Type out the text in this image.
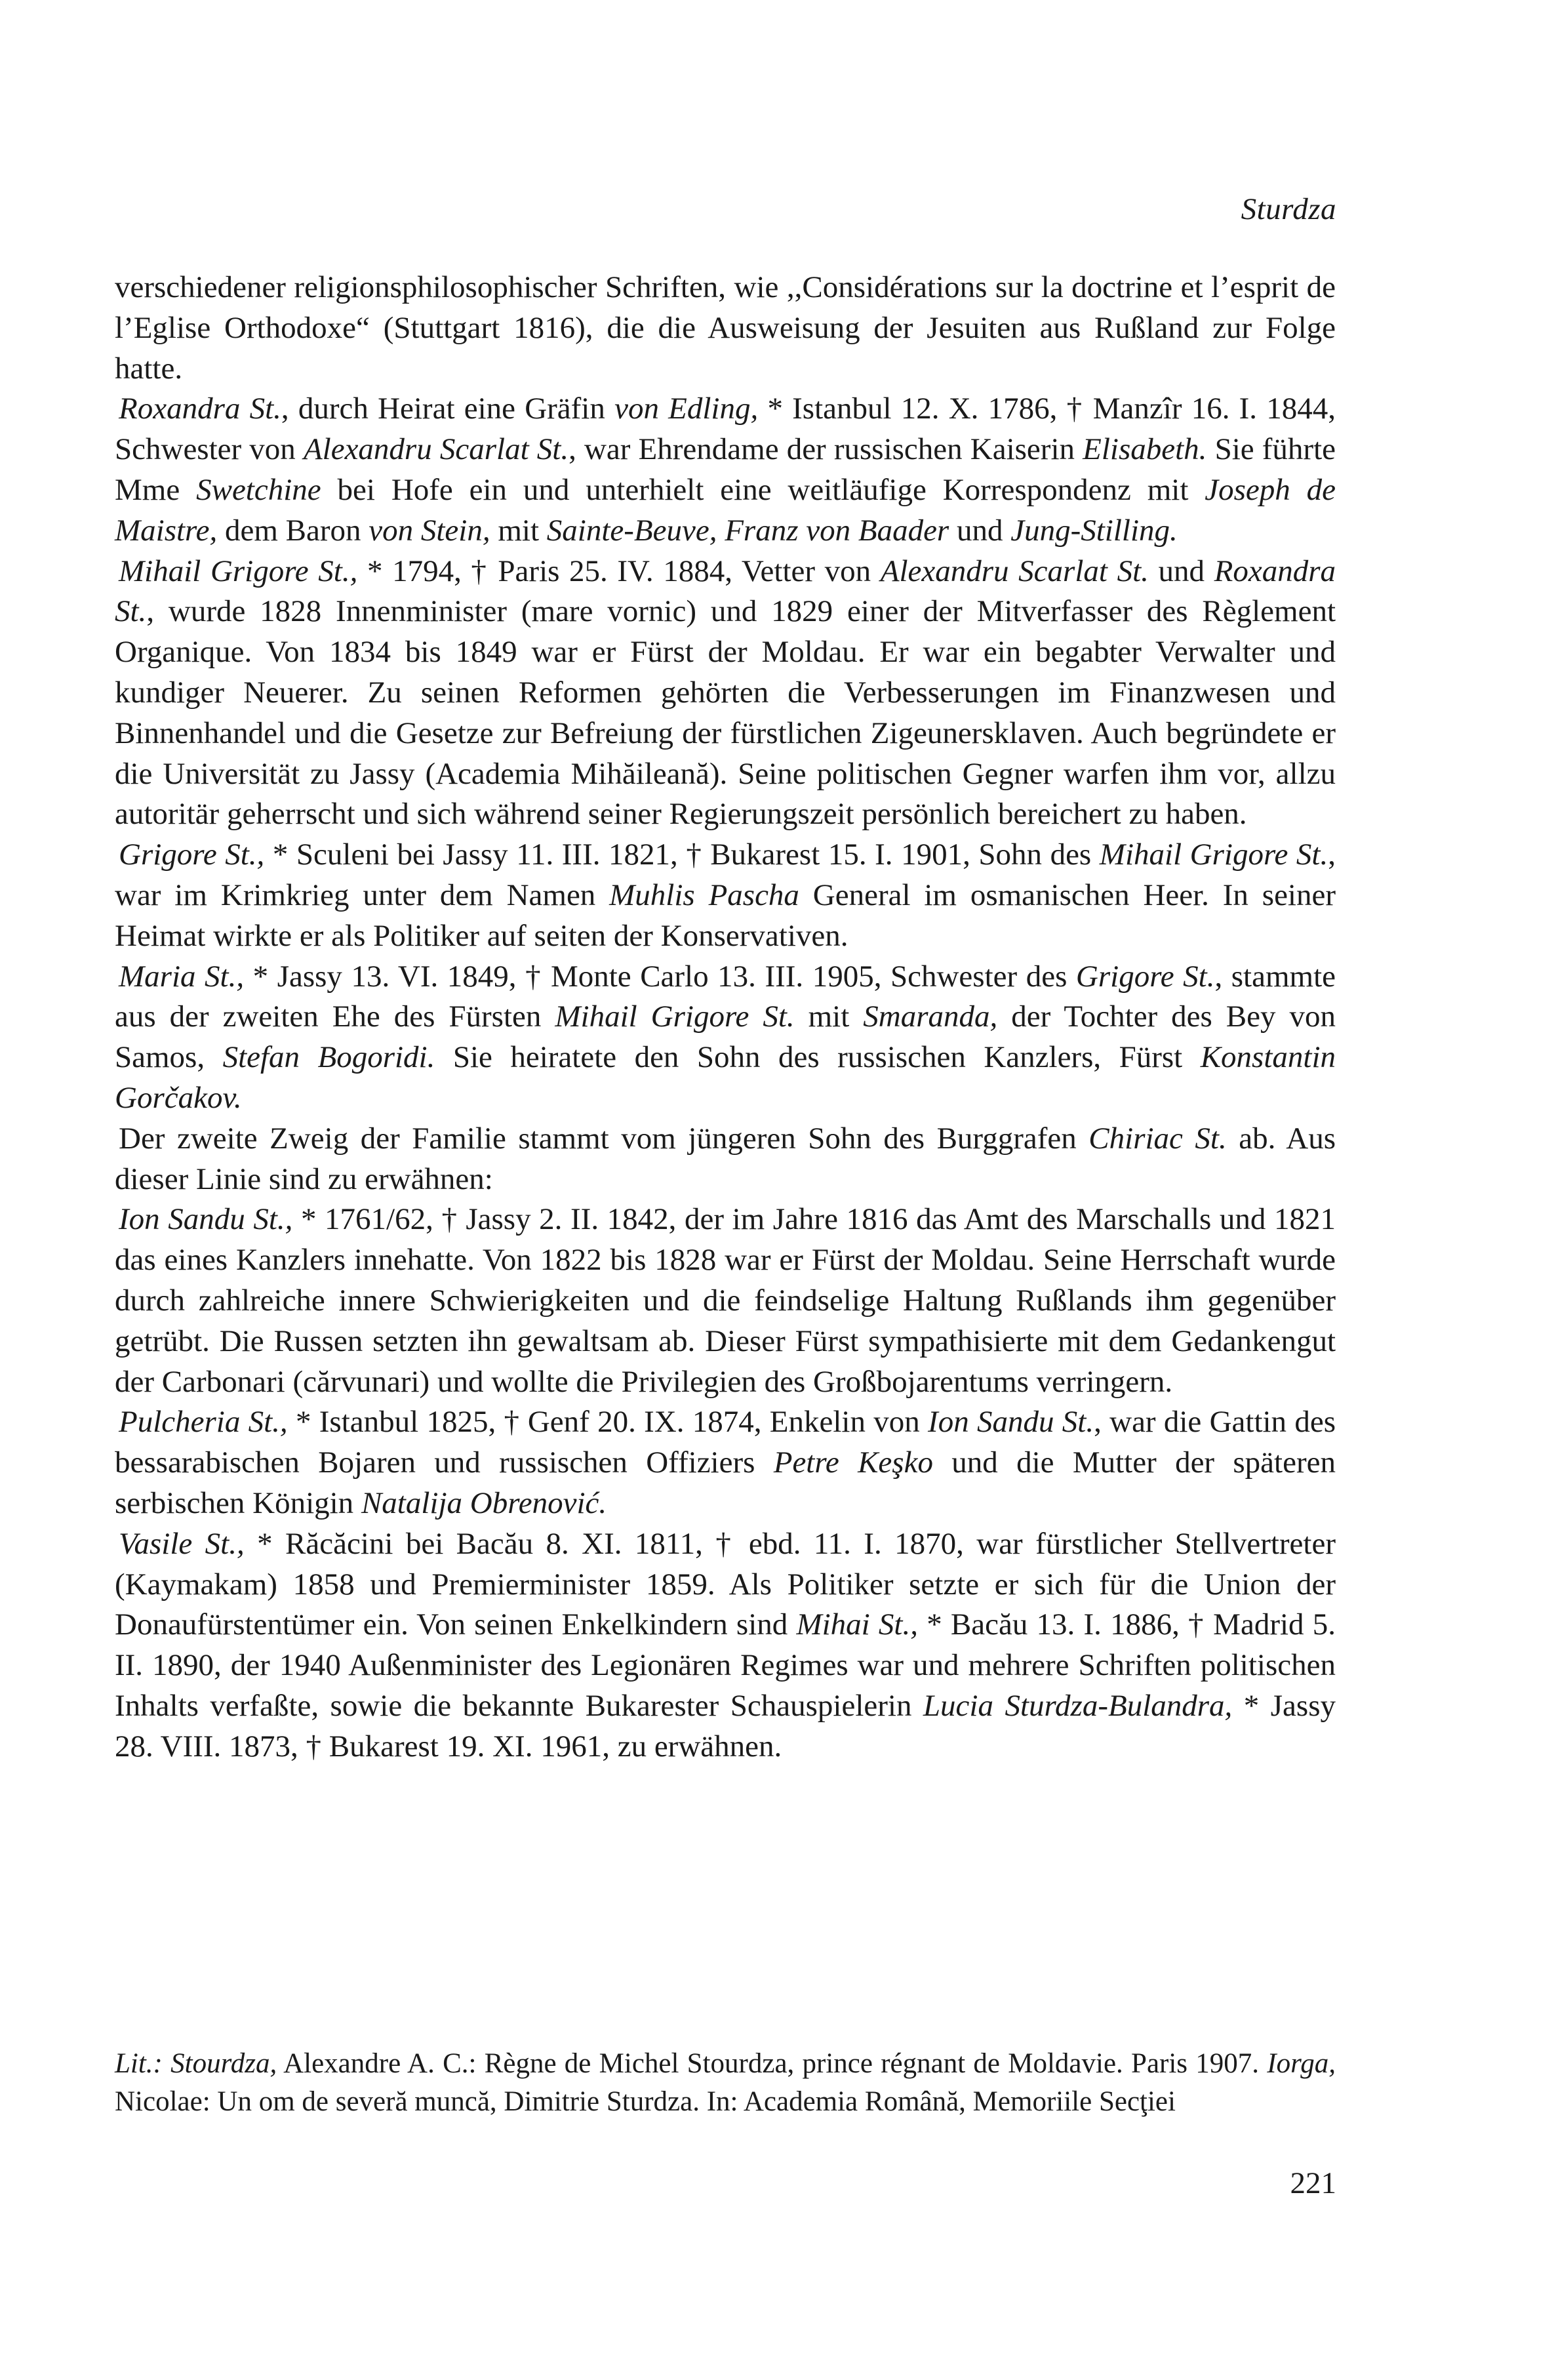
Sturdza

verschiedener religionsphilosophischer Schriften, wie ,,Considérations sur la doctrine et l’esprit de l’Eglise Orthodoxe“ (Stuttgart 1816), die die Ausweisung der Jesuiten aus Rußland zur Folge hatte.

Roxandra St., durch Heirat eine Gräfin von Edling, * Istanbul 12. X. 1786, † Manzîr 16. I. 1844, Schwester von Alexandru Scarlat St., war Ehrendame der russischen Kaiserin Elisabeth. Sie führte Mme Swetchine bei Hofe ein und unterhielt eine weitläufige Korrespondenz mit Joseph de Maistre, dem Baron von Stein, mit Sainte-Beuve, Franz von Baader und Jung-Stilling.

Mihail Grigore St., * 1794, † Paris 25. IV. 1884, Vetter von Alexandru Scarlat St. und Roxandra St., wurde 1828 Innenminister (mare vornic) und 1829 einer der Mitverfasser des Règlement Organique. Von 1834 bis 1849 war er Fürst der Moldau. Er war ein begabter Verwalter und kundiger Neuerer. Zu seinen Reformen gehörten die Verbesserungen im Finanzwesen und Binnenhandel und die Gesetze zur Befreiung der fürstlichen Zigeunersklaven. Auch begründete er die Universität zu Jassy (Academia Mihăileană). Seine politischen Gegner warfen ihm vor, allzu autoritär geherrscht und sich während seiner Regierungszeit persönlich bereichert zu haben.

Grigore St., * Sculeni bei Jassy 11. III. 1821, † Bukarest 15. I. 1901, Sohn des Mihail Grigore St., war im Krimkrieg unter dem Namen Muhlis Pascha General im osmanischen Heer. In seiner Heimat wirkte er als Politiker auf seiten der Konservativen.

Maria St., * Jassy 13. VI. 1849, † Monte Carlo 13. III. 1905, Schwester des Grigore St., stammte aus der zweiten Ehe des Fürsten Mihail Grigore St. mit Smaranda, der Tochter des Bey von Samos, Stefan Bogoridi. Sie heiratete den Sohn des russischen Kanzlers, Fürst Konstantin Gorčakov.

Der zweite Zweig der Familie stammt vom jüngeren Sohn des Burggrafen Chiriac St. ab. Aus dieser Linie sind zu erwähnen:

Ion Sandu St., * 1761/62, † Jassy 2. II. 1842, der im Jahre 1816 das Amt des Marschalls und 1821 das eines Kanzlers innehatte. Von 1822 bis 1828 war er Fürst der Moldau. Seine Herrschaft wurde durch zahlreiche innere Schwierigkeiten und die feindselige Haltung Rußlands ihm gegenüber getrübt. Die Russen setzten ihn gewaltsam ab. Dieser Fürst sympathisierte mit dem Gedankengut der Carbonari (cărvunari) und wollte die Privilegien des Großbojarentums verringern.

Pulcheria St., * Istanbul 1825, † Genf 20. IX. 1874, Enkelin von Ion Sandu St., war die Gattin des bessarabischen Bojaren und russischen Offiziers Petre Keşko und die Mutter der späteren serbischen Königin Natalija Obrenović.

Vasile St., * Răcăcini bei Bacău 8. XI. 1811, † ebd. 11. I. 1870, war fürstlicher Stellvertreter (Kaymakam) 1858 und Premierminister 1859. Als Politiker setzte er sich für die Union der Donaufürstentümer ein. Von seinen Enkelkindern sind Mihai St., * Bacău 13. I. 1886, † Madrid 5. II. 1890, der 1940 Außenminister des Legionären Regimes war und mehrere Schriften politischen Inhalts verfaßte, sowie die bekannte Bukarester Schauspielerin Lucia Sturdza-Bulandra, * Jassy 28. VIII. 1873, † Bukarest 19. XI. 1961, zu erwähnen.

Lit.: Stourdza, Alexandre A. C.: Règne de Michel Stourdza, prince régnant de Moldavie. Paris 1907. Iorga, Nicolae: Un om de severă muncă, Dimitrie Sturdza. In: Academia Română, Memoriile Secţiei

221
